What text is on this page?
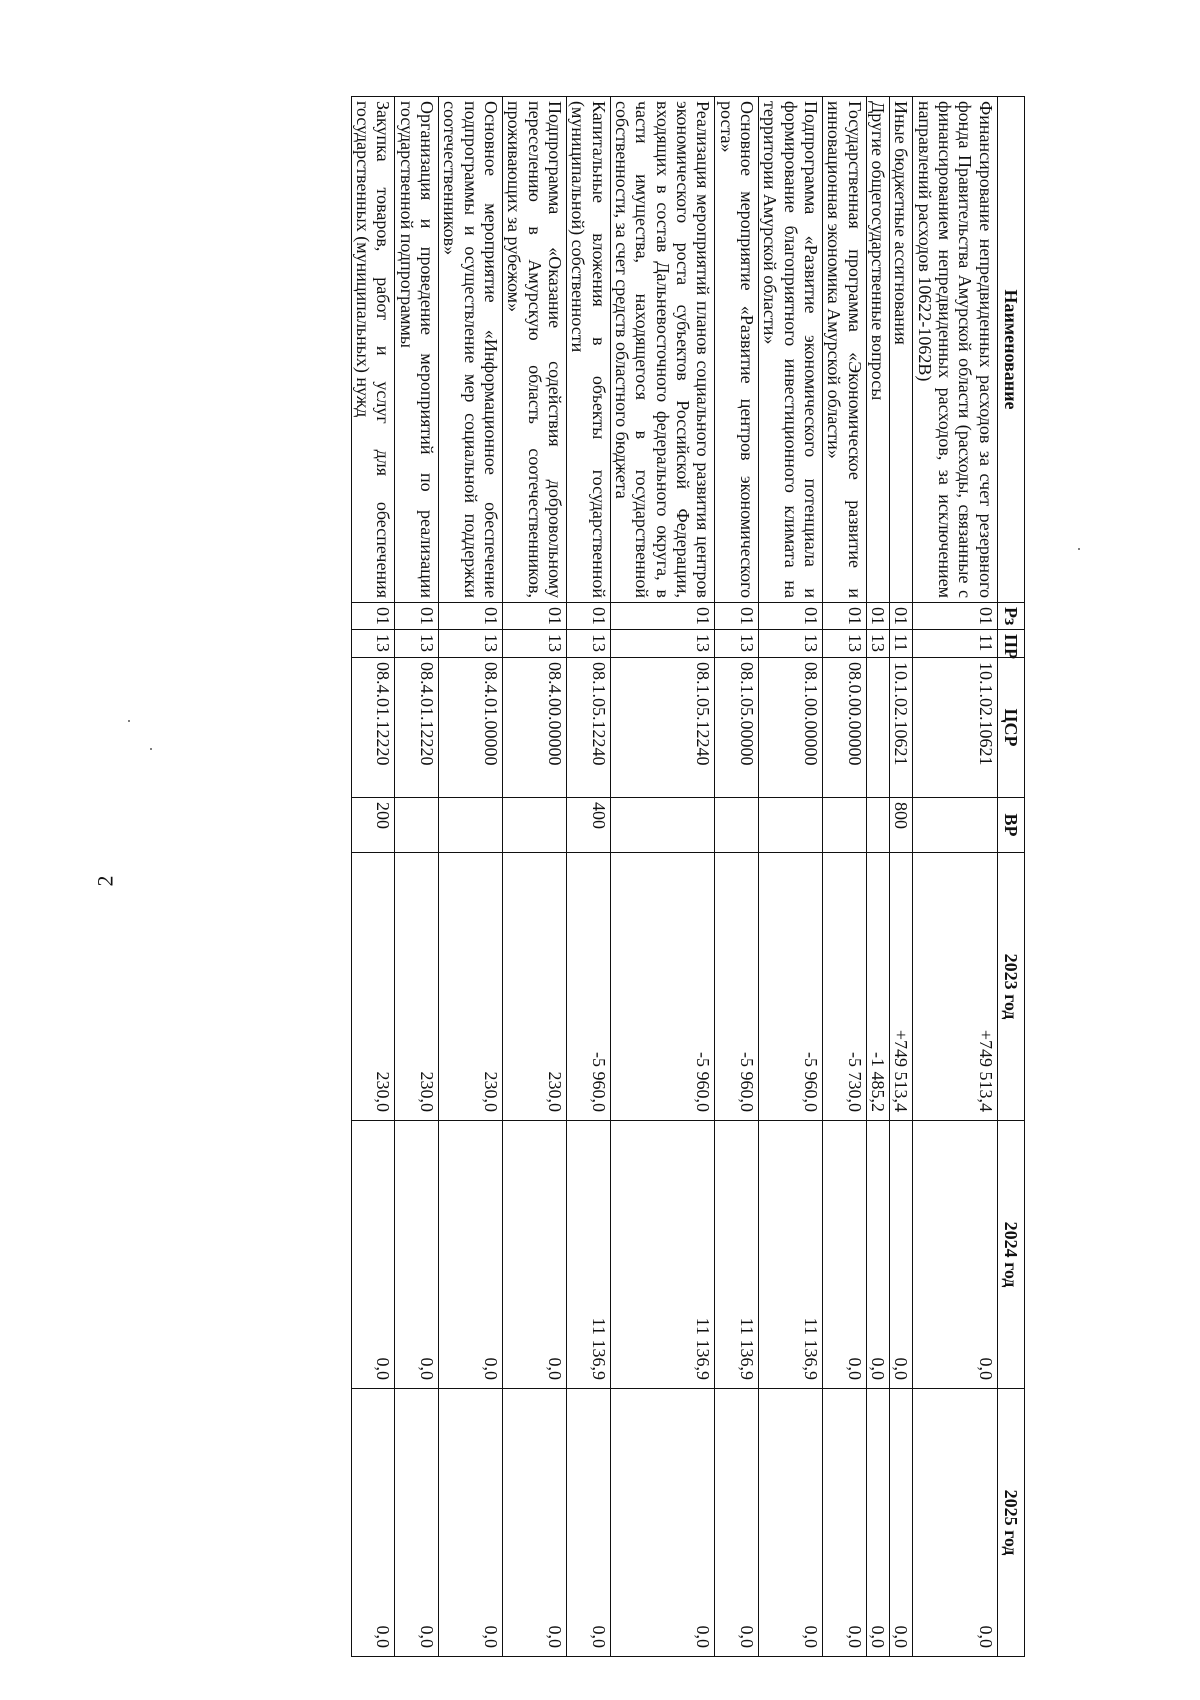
2
Наименование	Рз	ПР	ЦСР	ВР	2023 год	2024 год	2025 год
Финансирование непредвиденных расходов за счет резервного фонда Правительства Амурской области (расходы, связанные с финансированием непредвиденных расходов, за исключением направлений расходов 10622-1062В)	01	11	10.1.02.10621		+749 513,4	0,0	0,0
Иные бюджетные ассигнования	01	11	10.1.02.10621	800	+749 513,4	0,0	0,0
Другие общегосударственные вопросы	01	13			-1 485,2	0,0	0,0
Государственная программа «Экономическое развитие и инновационная экономика Амурской области»	01	13	08.0.00.00000		-5 730,0	0,0	0,0
Подпрограмма «Развитие экономического потенциала и формирование благоприятного инвестиционного климата на территории Амурской области»	01	13	08.1.00.00000		-5 960,0	11 136,9	0,0
Основное мероприятие «Развитие центров экономического роста»	01	13	08.1.05.00000		-5 960,0	11 136,9	0,0
Реализация мероприятий планов социального развития центров экономического роста субъектов Российской Федерации, входящих в состав Дальневосточного федерального округа, в части имущества, находящегося в государственной собственности, за счет средств областного бюджета	01	13	08.1.05.12240		-5 960,0	11 136,9	0,0
Капитальные вложения в объекты государственной (муниципальной) собственности	01	13	08.1.05.12240	400	-5 960,0	11 136,9	0,0
Подпрограмма «Оказание содействия добровольному переселению в Амурскую область соотечественников, проживающих за рубежом»	01	13	08.4.00.00000		230,0	0,0	0,0
Основное мероприятие «Информационное обеспечение подпрограммы и осуществление мер социальной поддержки соотечественников»	01	13	08.4.01.00000		230,0	0,0	0,0
Организация и проведение мероприятий по реализации государственной подпрограммы	01	13	08.4.01.12220		230,0	0,0	0,0
Закупка товаров, работ и услуг для обеспечения государственных (муниципальных) нужд	01	13	08.4.01.12220	200	230,0	0,0	0,0
